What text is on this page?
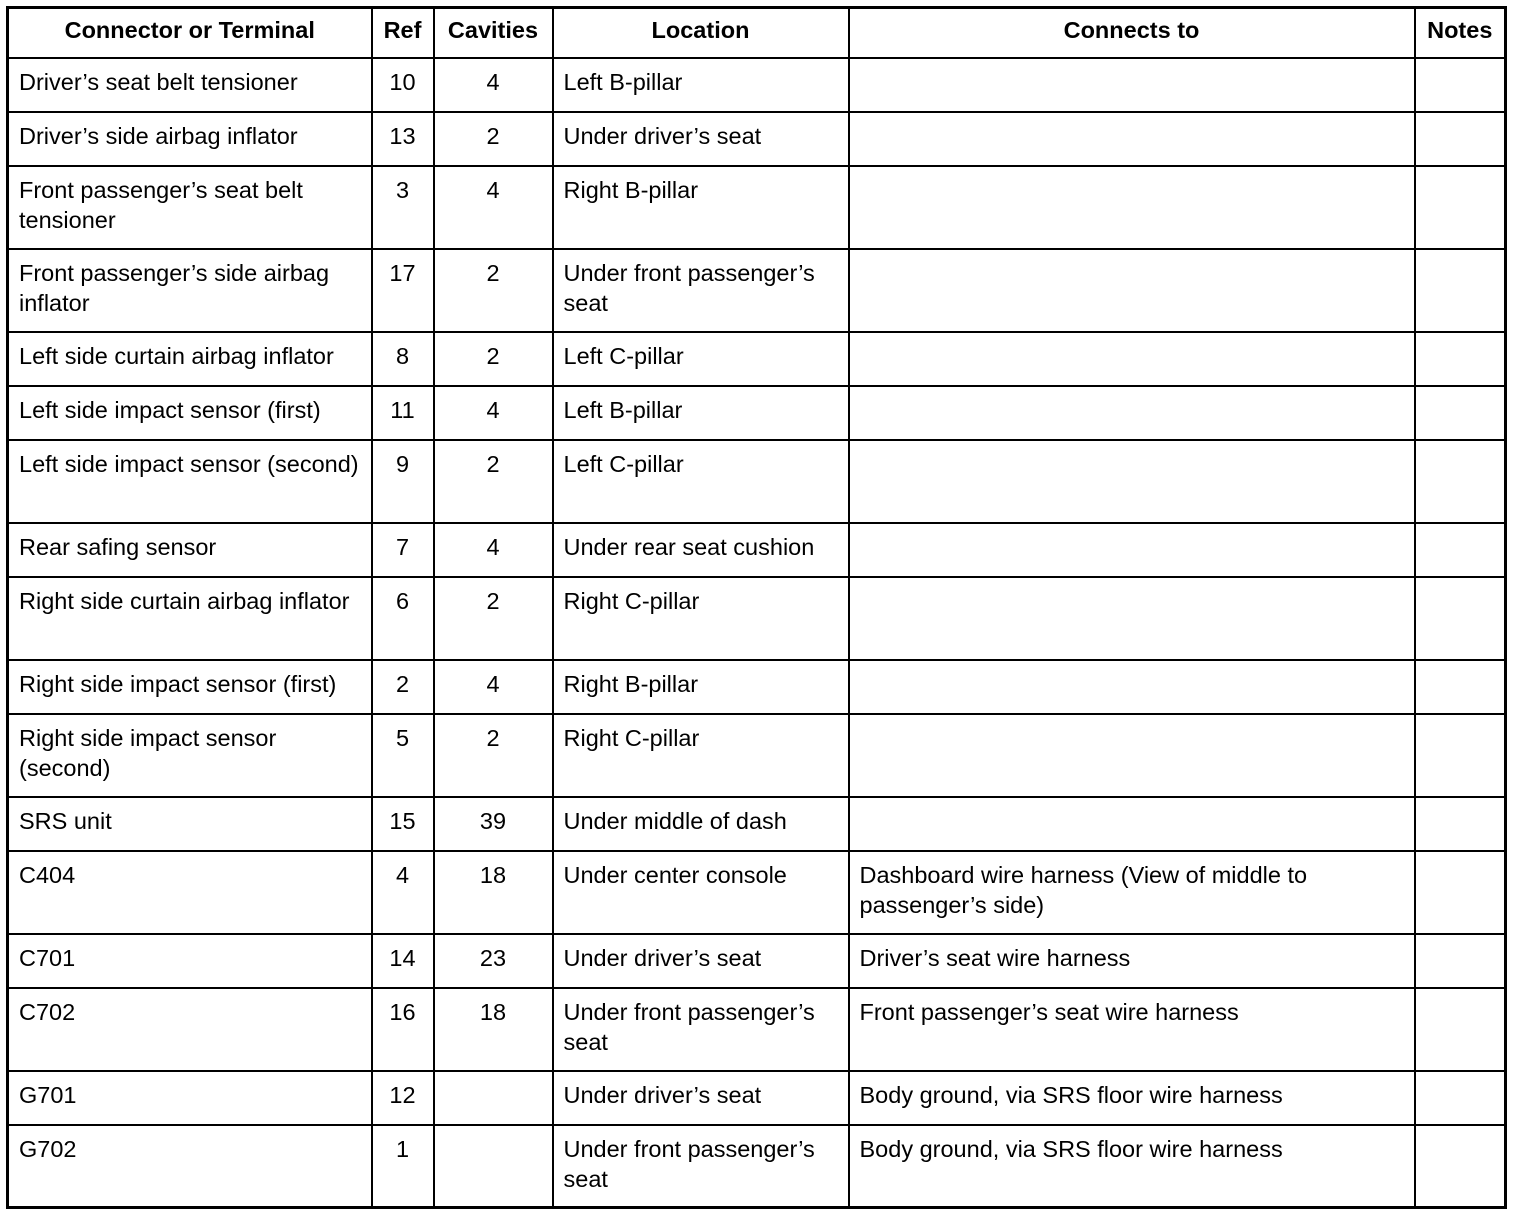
Connector or Terminal	Ref	Cavities	Location	Connects to	Notes
Driver’s seat belt tensioner	10	4	Left B-pillar		
Driver’s side airbag inflator	13	2	Under driver’s seat		
Front passenger’s seat belt tensioner	3	4	Right B-pillar		
Front passenger’s side airbag inflator	17	2	Under front passenger’s seat		
Left side curtain airbag inflator	8	2	Left C-pillar		
Left side impact sensor (first)	11	4	Left B-pillar		
Left side impact sensor (second)	9	2	Left C-pillar		
Rear safing sensor	7	4	Under rear seat cushion		
Right side curtain airbag inflator	6	2	Right C-pillar		
Right side impact sensor (first)	2	4	Right B-pillar		
Right side impact sensor (second)	5	2	Right C-pillar		
SRS unit	15	39	Under middle of dash		
C404	4	18	Under center console	Dashboard wire harness (View of middle to passenger’s side)	
C701	14	23	Under driver’s seat	Driver’s seat wire harness	
C702	16	18	Under front passenger’s seat	Front passenger’s seat wire harness	
G701	12		Under driver’s seat	Body ground, via SRS floor wire harness	
G702	1		Under front passenger’s seat	Body ground, via SRS floor wire harness	
